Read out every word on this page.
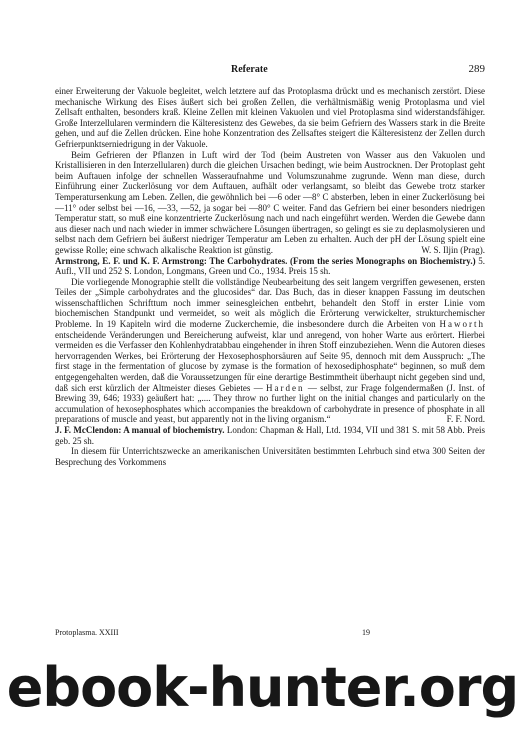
Referate	289

einer Erweiterung der Vakuole begleitet, welch letztere auf das Protoplasma drückt und es mechanisch zerstört. Diese mechanische Wirkung des Eises äußert sich bei großen Zellen, die verhältnismäßig wenig Protoplasma und viel Zellsaft enthalten, besonders kraß. Kleine Zellen mit kleinen Vakuolen und viel Protoplasma sind widerstandsfähiger. Große Interzellularen vermindern die Kälteresistenz des Gewebes, da sie beim Gefriern des Wassers stark in die Breite gehen, und auf die Zellen drücken. Eine hohe Konzentration des Zellsaftes steigert die Kälteresistenz der Zellen durch Gefrierpunktserniedrigung in der Vakuole.

Beim Gefrieren der Pflanzen in Luft wird der Tod (beim Austreten von Wasser aus den Vakuolen und Kristallisieren in den Interzellularen) durch die gleichen Ursachen bedingt, wie beim Austrocknen. Der Protoplast geht beim Auftauen infolge der schnellen Wasseraufnahme und Volumszunahme zugrunde. Wenn man diese, durch Einführung einer Zuckerlösung vor dem Auftauen, aufhält oder verlangsamt, so bleibt das Gewebe trotz starker Temperatursenkung am Leben. Zellen, die gewöhnlich bei —6 oder —8° C absterben, leben in einer Zuckerlösung bei —11° oder selbst bei —16, —33, —52, ja sogar bei —80° C weiter. Fand das Gefriern bei einer besonders niedrigen Temperatur statt, so muß eine konzentrierte Zuckerlösung nach und nach eingeführt werden. Werden die Gewebe dann aus dieser nach und nach wieder in immer schwächere Lösungen übertragen, so gelingt es sie zu deplasmolysieren und selbst nach dem Gefriern bei äußerst niedriger Temperatur am Leben zu erhalten. Auch der pH der Lösung spielt eine gewisse Rolle; eine schwach alkalische Reaktion ist günstig.	W. S. Iljin (Prag).

Armstrong, E. F. und K. F. Armstrong: The Carbohydrates. (From the series Monographs on Biochemistry.) 5. Aufl., VII und 252 S. London, Longmans, Green und Co., 1934. Preis 15 sh.

Die vorliegende Monographie stellt die vollständige Neubearbeitung des seit langem vergriffen gewesenen, ersten Teiles der „Simple carbohydrates and the glucosides“ dar. Das Buch, das in dieser knappen Fassung im deutschen wissenschaftlichen Schrifttum noch immer seinesgleichen entbehrt, behandelt den Stoff in erster Linie vom biochemischen Standpunkt und vermeidet, so weit als möglich die Erörterung verwickelter, strukturchemischer Probleme. In 19 Kapiteln wird die moderne Zuckerchemie, die insbesondere durch die Arbeiten von Haworth entscheidende Veränderungen und Bereicherung aufweist, klar und anregend, von hoher Warte aus erörtert. Hierbei vermeiden es die Verfasser den Kohlenhydratabbau eingehender in ihren Stoff einzubeziehen. Wenn die Autoren dieses hervorragenden Werkes, bei Erörterung der Hexosephosphorsäuren auf Seite 95, dennoch mit dem Ausspruch: „The first stage in the fermentation of glucose by zymase is the formation of hexosediphosphate“ beginnen, so muß dem entgegengehalten werden, daß die Voraussetzungen für eine derartige Bestimmtheit überhaupt nicht gegeben sind und, daß sich erst kürzlich der Altmeister dieses Gebietes — Harden — selbst, zur Frage folgendermaßen (J. Inst. of Brewing 39, 646; 1933) geäußert hat: „.... They throw no further light on the initial changes and particularly on the accumulation of hexosephosphates which accompanies the breakdown of carbohydrate in presence of phosphate in all preparations of muscle and yeast, but apparently not in the living organism.“	F. F. Nord.

J. F. McClendon: A manual of biochemistry. London: Chapman & Hall, Ltd. 1934, VII und 381 S. mit 58 Abb. Preis geb. 25 sh.

In diesem für Unterrichtszwecke an amerikanischen Universitäten bestimmten Lehrbuch sind etwa 300 Seiten der Besprechung des Vorkommens

Protoplasma. XXIII	19
ebook-hunter.org
